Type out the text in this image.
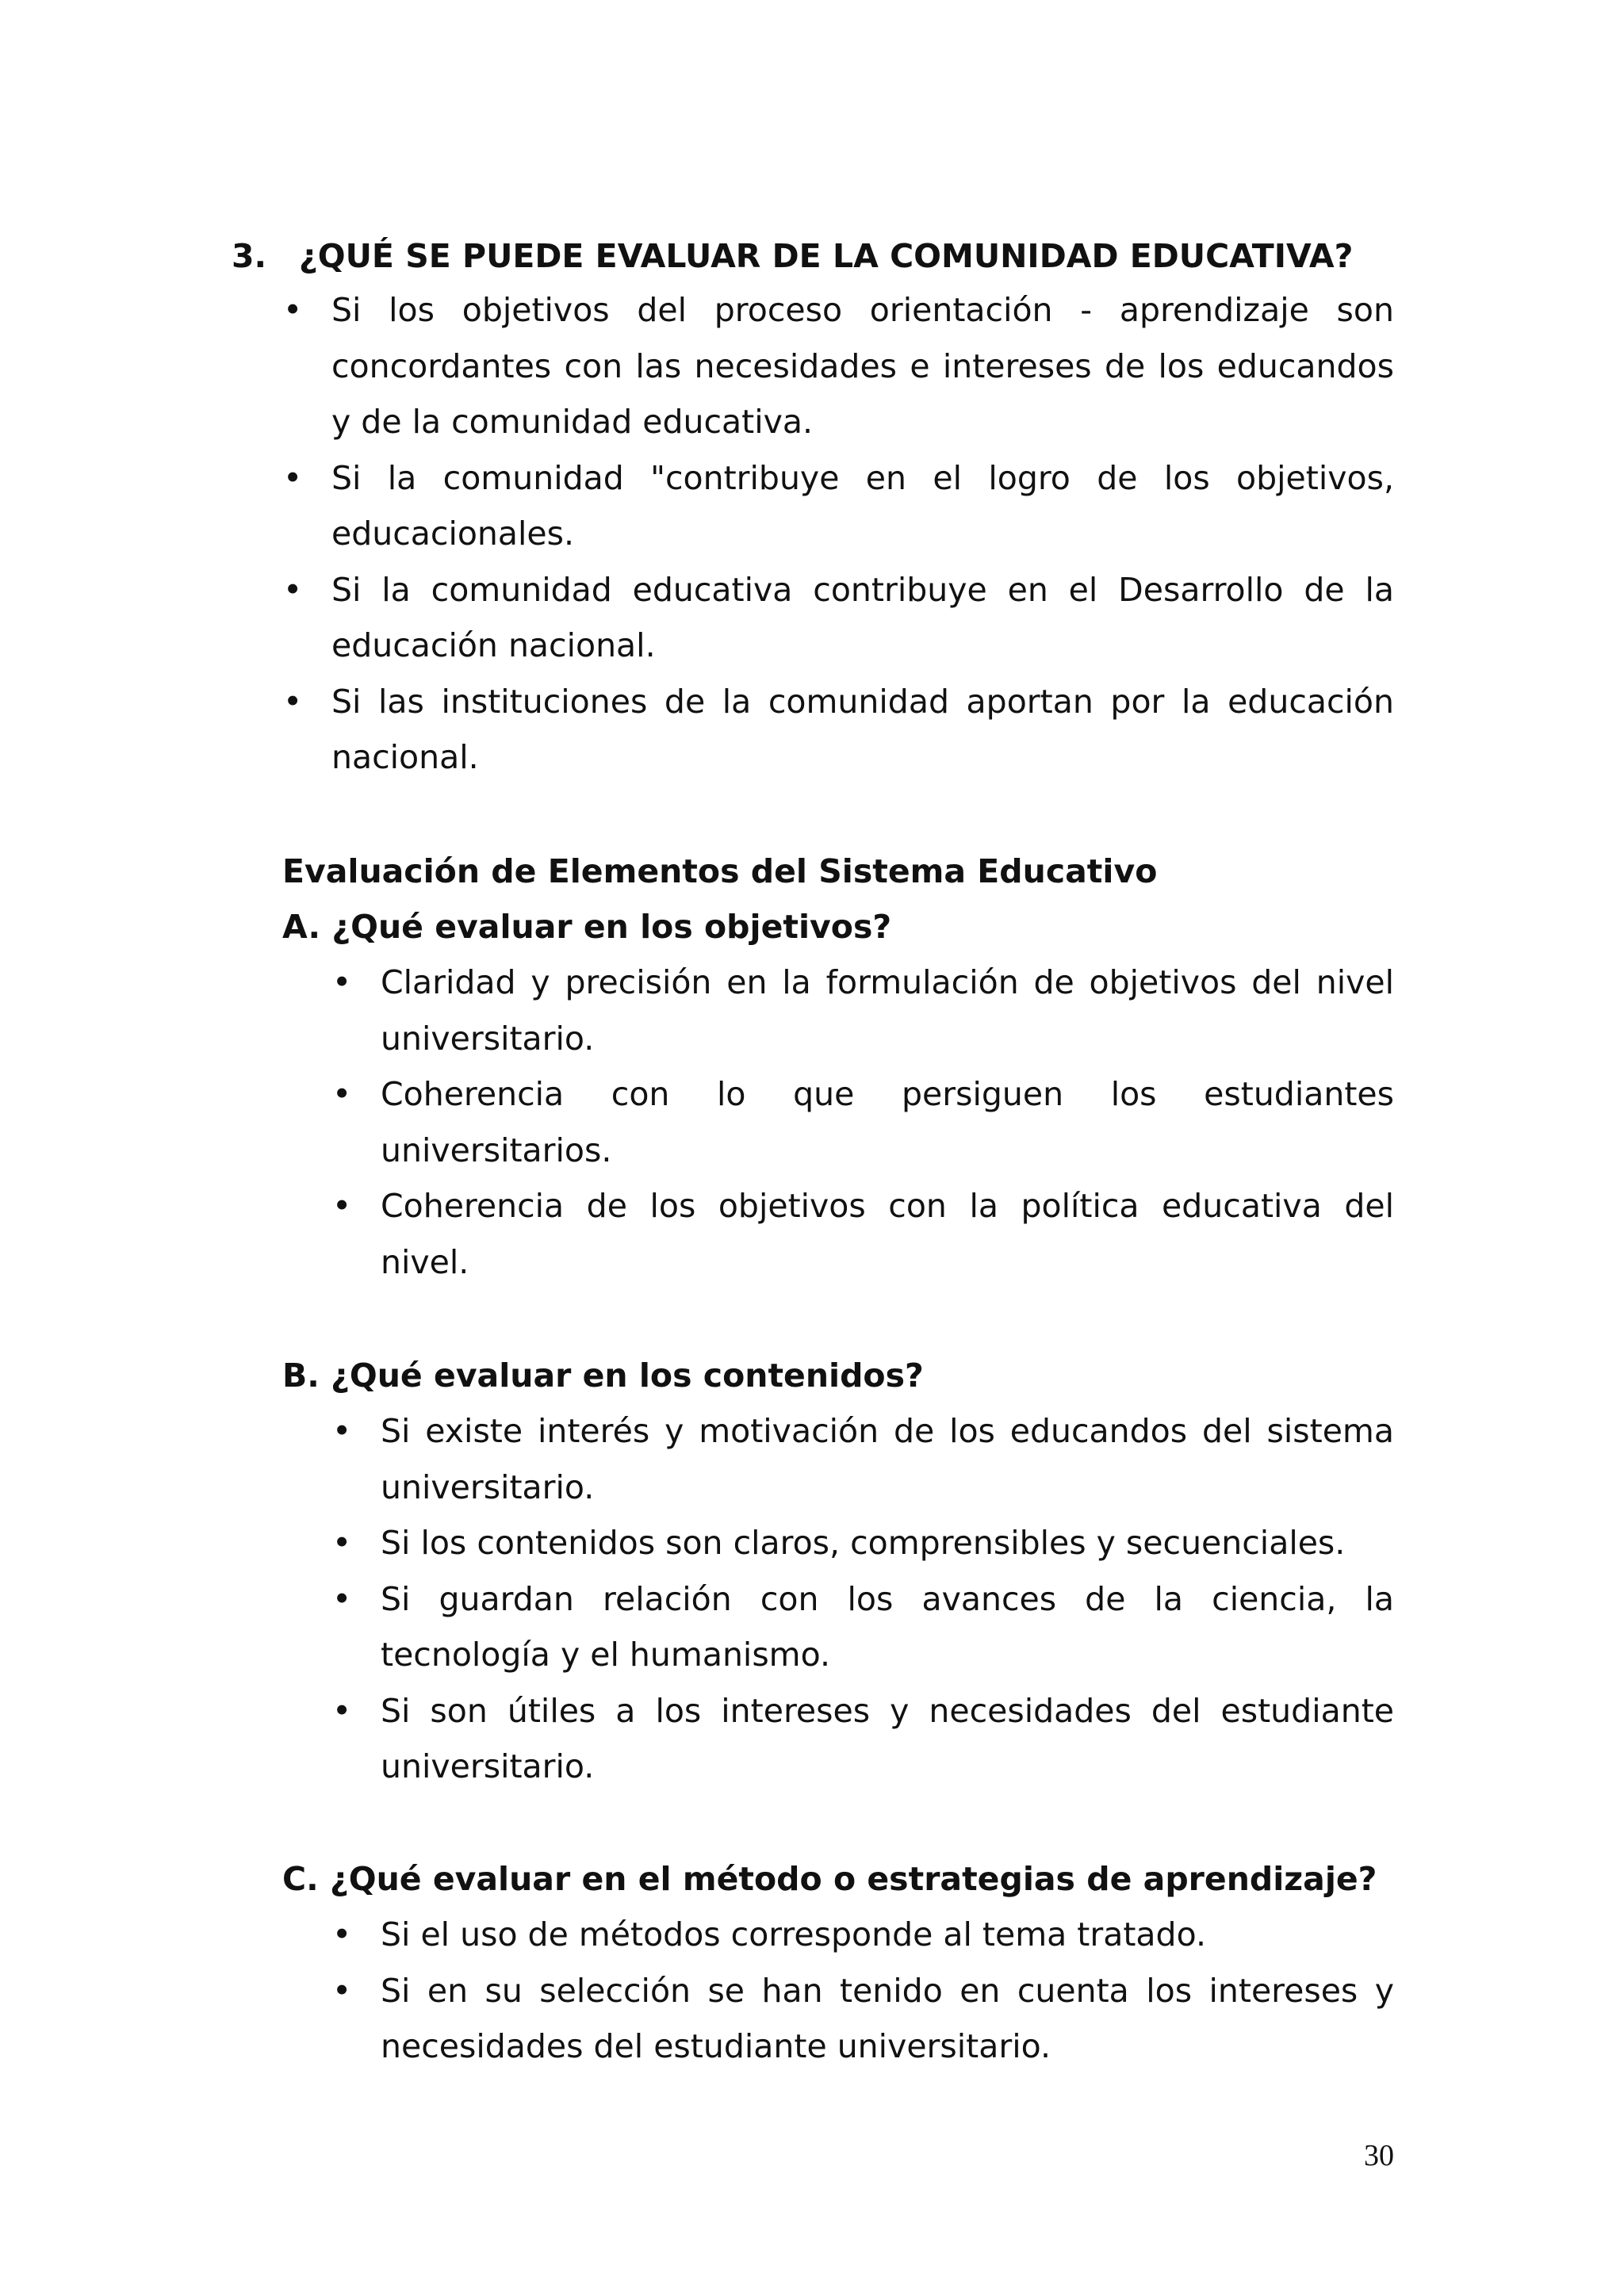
3. ¿QUÉ SE PUEDE EVALUAR DE LA COMUNIDAD EDUCATIVA?
• Si los objetivos del proceso orientación - aprendizaje son concordantes con las necesidades e intereses de los educandos y de la comunidad educativa.
• Si la comunidad "contribuye en el logro de los objetivos, educacionales.
• Si la comunidad educativa contribuye en el Desarrollo de la educación nacional.
• Si las instituciones de la comunidad aportan por la educación nacional.
Evaluación de Elementos del Sistema Educativo
A. ¿Qué evaluar en los objetivos?
• Claridad y precisión en la formulación de objetivos del nivel universitario.
• Coherencia con lo que persiguen los estudiantes universitarios.
• Coherencia de los objetivos con la política educativa del nivel.
B. ¿Qué evaluar en los contenidos?
• Si existe interés y motivación de los educandos del sistema universitario.
• Si los contenidos son claros, comprensibles y secuenciales.
• Si guardan relación con los avances de la ciencia, la tecnología y el humanismo.
• Si son útiles a los intereses y necesidades del estudiante universitario.
C. ¿Qué evaluar en el método o estrategias de aprendizaje?
• Si el uso de métodos corresponde al tema tratado.
• Si en su selección se han tenido en cuenta los intereses y necesidades del estudiante universitario.
30
